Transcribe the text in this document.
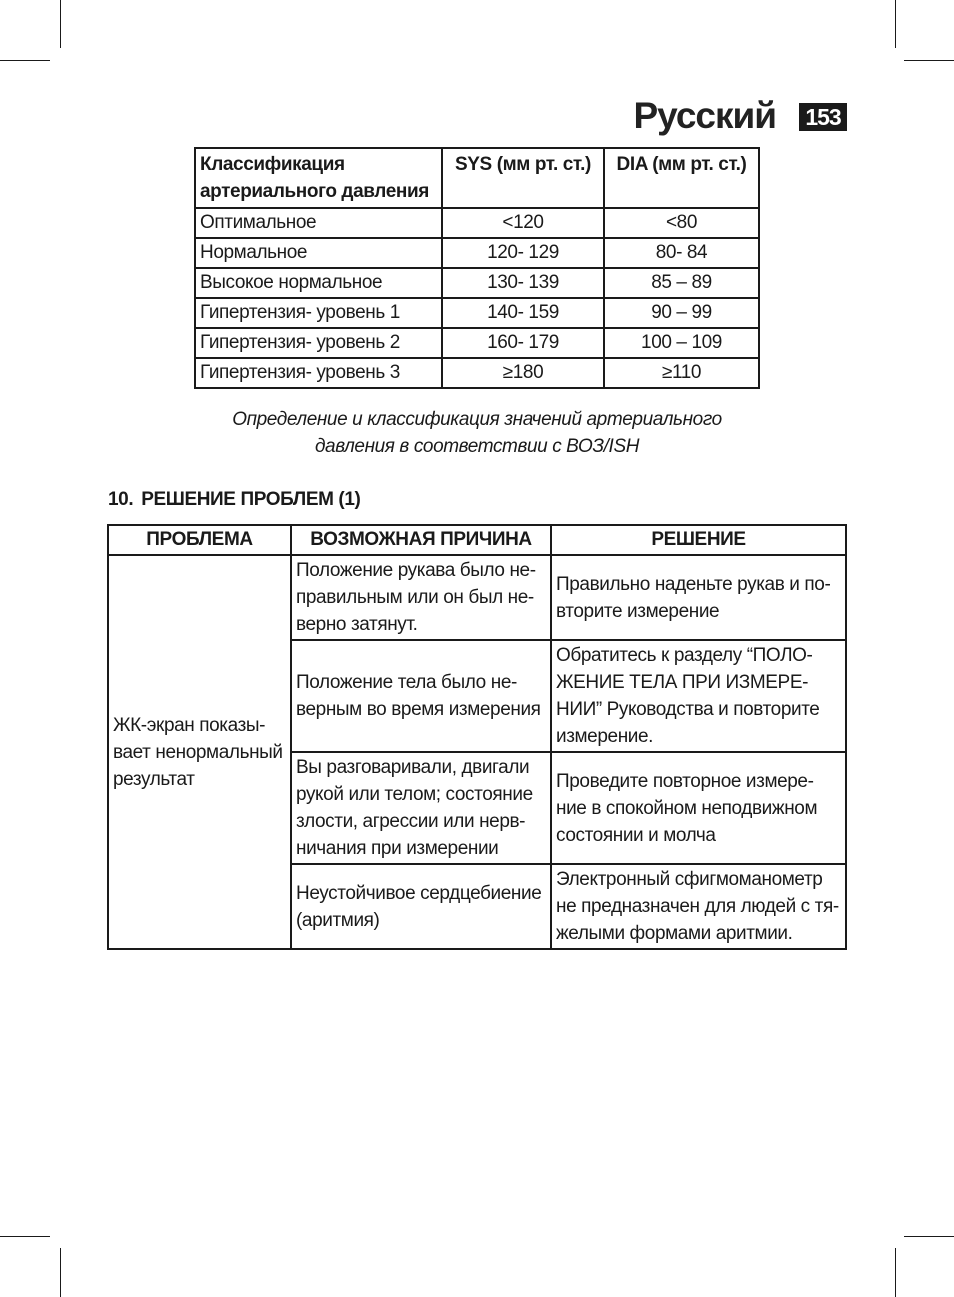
Русский 153
Классификация артериального давления	SYS (мм рт. ст.)	DIA (мм рт. ст.)
Оптимальное	<120	<80
Нормальное	120- 129	80- 84
Высокое нормальное	130- 139	85 – 89
Гипертензия- уровень 1	140- 159	90 – 99
Гипертензия- уровень 2	160- 179	100 – 109
Гипертензия- уровень 3	≥180	≥110
Определение и классификация значений артериального
давления в соответствии с ВОЗ/ISH
10. РЕШЕНИЕ ПРОБЛЕМ (1)
ПРОБЛЕМА	ВОЗМОЖНАЯ ПРИЧИНА	РЕШЕНИЕ
ЖК-экран показы- вает ненормальный результат	Положение рукава было не- правильным или он был не- верно затянут.	Правильно наденьте рукав и по- вторите измерение
	Положение тела было не- верным во время измерения	Обратитесь к разделу “ПОЛО- ЖЕНИЕ ТЕЛА ПРИ ИЗМЕРЕ- НИИ” Руководства и повторите измерение.
	Вы разговаривали, двигали рукой или телом; состояние злости, агрессии или нерв- ничания при измерении	Проведите повторное измере- ние в спокойном неподвижном состоянии и молча
	Неустойчивое сердцебиение (аритмия)	Электронный сфигмоманометр не предназначен для людей с тя- желыми формами аритмии.
